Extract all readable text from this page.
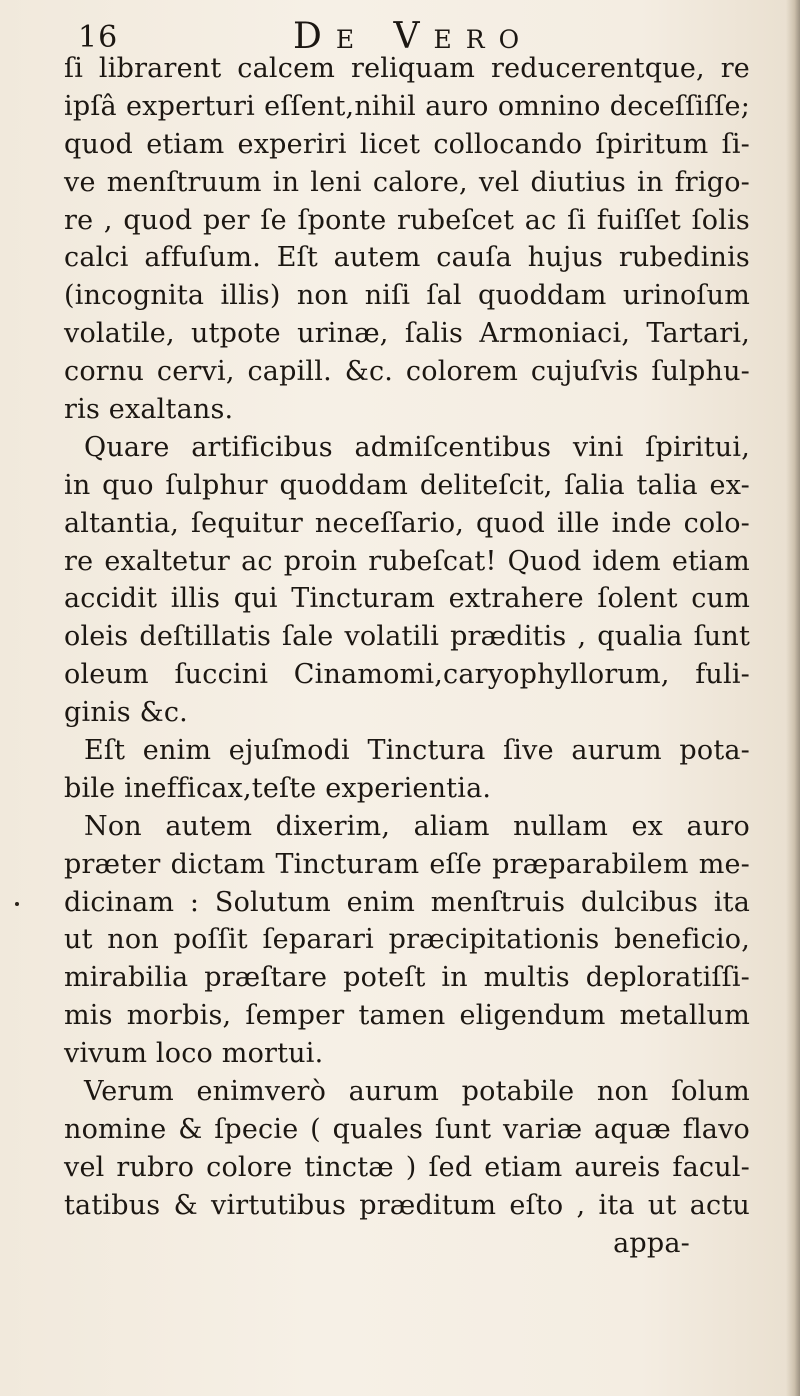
16	De Vero
ſi librarent calcem reliquam reducerentque, re
ipſâ experturi eſſent,nihil auro omnino deceſſiſſe;
quod etiam experiri licet collocando ſpiritum ſi-
ve menſtruum in leni calore, vel diutius in frigo-
re , quod per ſe ſponte rubeſcet ac ſi fuiſſet ſolis
calci affuſum. Eſt autem cauſa hujus rubedinis
(incognita illis) non niſi ſal quoddam urinoſum
volatile, utpote urinæ, ſalis Armoniaci, Tartari,
cornu cervi, capill. &c. colorem cujuſvis ſulphu-
ris exaltans.
Quare artificibus admiſcentibus vini ſpiritui,
in quo ſulphur quoddam deliteſcit, ſalia talia ex-
altantia, ſequitur neceſſario, quod ille inde colo-
re exaltetur ac proin rubeſcat! Quod idem etiam
accidit illis qui Tincturam extrahere ſolent cum
oleis deſtillatis ſale volatili præditis , qualia ſunt
oleum ſuccini Cinamomi,caryophyllorum, fuli-
ginis &c.
Eſt enim ejuſmodi Tinctura ſive aurum pota-
bile inefficax,teſte experientia.
Non autem dixerim, aliam nullam ex auro
præter dictam Tincturam eſſe præparabilem me-
dicinam : Solutum enim menſtruis dulcibus ita
ut non poſſit ſeparari præcipitationis beneficio,
mirabilia præſtare poteſt in multis deploratiſſi-
mis morbis, ſemper tamen eligendum metallum
vivum loco mortui.
Verum enimverò aurum potabile non ſolum
nomine & ſpecie ( quales ſunt variæ aquæ flavo
vel rubro colore tinctæ ) ſed etiam aureis facul-
tatibus & virtutibus præditum eſto , ita ut actu
appa-
